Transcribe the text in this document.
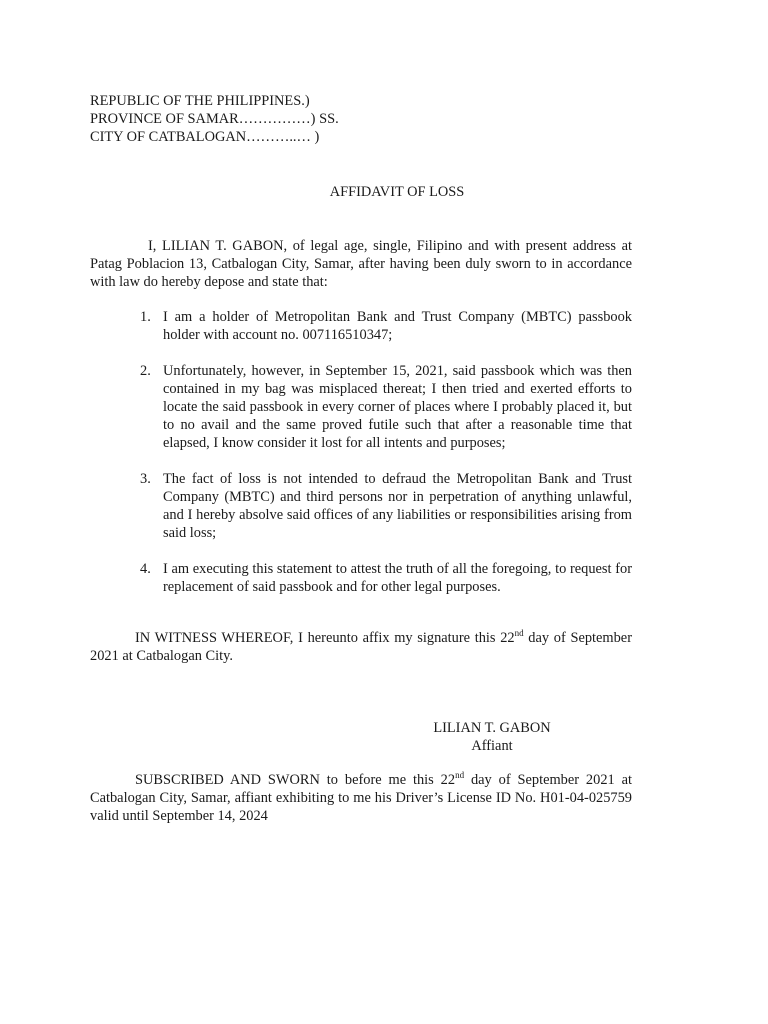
REPUBLIC OF THE PHILIPPINES.)
PROVINCE OF SAMAR……………) SS.
CITY OF CATBALOGAN………..… )
AFFIDAVIT OF LOSS

I, LILIAN T. GABON, of legal age, single, Filipino and with present address at Patag Poblacion 13, Catbalogan City, Samar, after having been duly sworn to in accordance with law do hereby depose and state that:

1. I am a holder of Metropolitan Bank and Trust Company (MBTC) passbook holder with account no. 007116510347;
2. Unfortunately, however, in September 15, 2021, said passbook which was then contained in my bag was misplaced thereat; I then tried and exerted efforts to locate the said passbook in every corner of places where I probably placed it, but to no avail and the same proved futile such that after a reasonable time that elapsed, I know consider it lost for all intents and purposes;
3. The fact of loss is not intended to defraud the Metropolitan Bank and Trust Company (MBTC) and third persons nor in perpetration of anything unlawful, and I hereby absolve said offices of any liabilities or responsibilities arising from said loss;
4. I am executing this statement to attest the truth of all the foregoing, to request for replacement of said passbook and for other legal purposes.

IN WITNESS WHEREOF, I hereunto affix my signature this 22nd day of September 2021 at Catbalogan City.

LILIAN T. GABON
Affiant

SUBSCRIBED AND SWORN to before me this 22nd day of September 2021 at Catbalogan City, Samar, affiant exhibiting to me his Driver’s License ID No. H01-04-025759 valid until September 14, 2024
